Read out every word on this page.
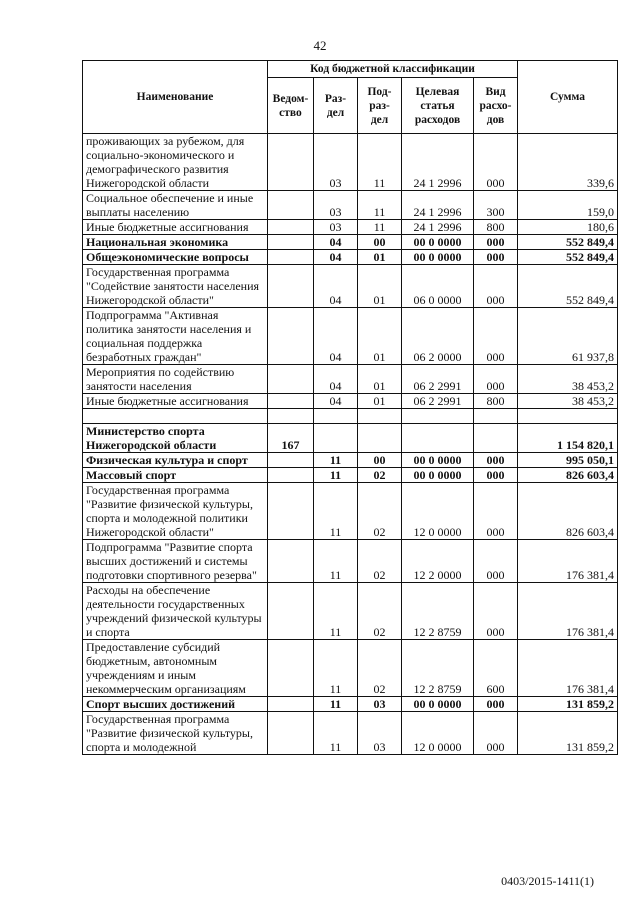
42
Наименование	Код бюджетной классификации					Сумма
	Ведом-ство	Раз-дел	Под-раз-дел	Целевая статья расходов	Вид расхо-дов	
проживающих за рубежом, для социально-экономического и демографического развития Нижегородской области		03	11	24 1 2996	000	339,6
Социальное обеспечение и иные выплаты населению		03	11	24 1 2996	300	159,0
Иные бюджетные ассигнования		03	11	24 1 2996	800	180,6
Национальная экономика		04	00	00 0 0000	000	552 849,4
Общеэкономические вопросы		04	01	00 0 0000	000	552 849,4
Государственная программа "Содействие занятости населения Нижегородской области"		04	01	06 0 0000	000	552 849,4
Подпрограмма "Активная политика занятости населения и социальная поддержка безработных граждан"		04	01	06 2 0000	000	61 937,8
Мероприятия по содействию занятости населения		04	01	06 2 2991	000	38 453,2
Иные бюджетные ассигнования		04	01	06 2 2991	800	38 453,2

Министерство спорта Нижегородской области	167					1 154 820,1
Физическая культура и спорт		11	00	00 0 0000	000	995 050,1
Массовый спорт		11	02	00 0 0000	000	826 603,4
Государственная программа "Развитие физической культуры, спорта и молодежной политики Нижегородской области"		11	02	12 0 0000	000	826 603,4
Подпрограмма "Развитие спорта высших достижений и системы подготовки спортивного резерва"		11	02	12 2 0000	000	176 381,4
Расходы на обеспечение деятельности государственных учреждений физической культуры и спорта		11	02	12 2 8759	000	176 381,4
Предоставление субсидий бюджетным, автономным учреждениям и иным некоммерческим организациям		11	02	12 2 8759	600	176 381,4
Спорт высших достижений		11	03	00 0 0000	000	131 859,2
Государственная программа "Развитие физической культуры, спорта и молодежной		11	03	12 0 0000	000	131 859,2
0403/2015-1411(1)
